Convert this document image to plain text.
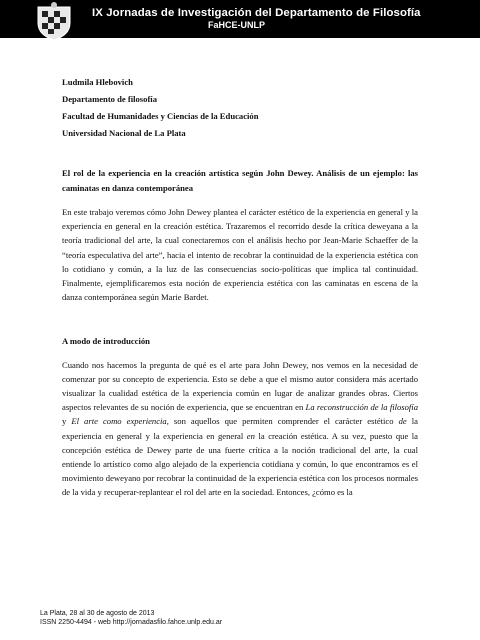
IX Jornadas de Investigación del Departamento de Filosofía
FaHCE-UNLP

Ludmila Hlebovich

Departamento de filosofía

Facultad de Humanidades y Ciencias de la Educación

Universidad Nacional de La Plata

El rol de la experiencia en la creación artística según John Dewey. Análisis de un ejemplo: las caminatas en danza contemporánea

En este trabajo veremos cómo John Dewey plantea el carácter estético de la experiencia en general y la experiencia en general en la creación estética. Trazaremos el recorrido desde la crítica deweyana a la teoría tradicional del arte, la cual conectaremos con el análisis hecho por Jean-Marie Schaeffer de la “teoría especulativa del arte”, hacia el intento de recobrar la continuidad de la experiencia estética con lo cotidiano y común, a la luz de las consecuencias socio-políticas que implica tal continuidad. Finalmente, ejemplificaremos esta noción de experiencia estética con las caminatas en escena de la danza contemporánea según Marie Bardet.

A modo de introducción

Cuando nos hacemos la pregunta de qué es el arte para John Dewey, nos vemos en la necesidad de comenzar por su concepto de experiencia. Esto se debe a que el mismo autor considera más acertado visualizar la cualidad estética de la experiencia común en lugar de analizar grandes obras. Ciertos aspectos relevantes de su noción de experiencia, que se encuentran en La reconstrucción de la filosofía y El arte como experiencia, son aquellos que permiten comprender el carácter estético de la experiencia en general y la experiencia en general en la creación estética. A su vez, puesto que la concepción estética de Dewey parte de una fuerte crítica a la noción tradicional del arte, la cual entiende lo artístico como algo alejado de la experiencia cotidiana y común, lo que encontramos es el movimiento deweyano por recobrar la continuidad de la experiencia estética con los procesos normales de la vida y recuperar-replantear el rol del arte en la sociedad. Entonces, ¿cómo es la

La Plata, 28 al 30 de agosto de 2013
ISSN 2250-4494 - web http://jornadasfilo.fahce.unlp.edu.ar
